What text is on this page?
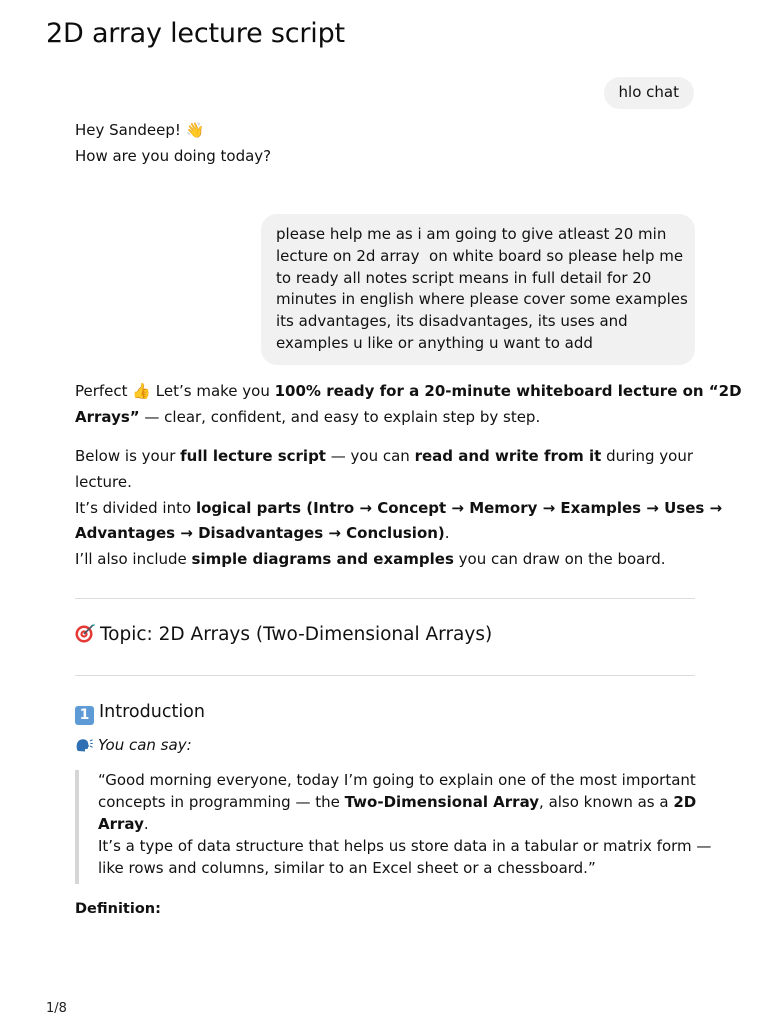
2D array lecture script
hlo chat
Hey Sandeep! 👋
How are you doing today?
please help me as i am going to give atleast 20 min
lecture on 2d array  on white board so please help me
to ready all notes script means in full detail for 20
minutes in english where please cover some examples
its advantages, its disadvantages, its uses and
examples u like or anything u want to add
Perfect 👍 Let’s make you 100% ready for a 20-minute whiteboard lecture on “2D
Arrays” — clear, confident, and easy to explain step by step.
Below is your full lecture script — you can read and write from it during your
lecture.
It’s divided into logical parts (Intro → Concept → Memory → Examples → Uses →
Advantages → Disadvantages → Conclusion).
I’ll also include simple diagrams and examples you can draw on the board.
Topic: 2D Arrays (Two-Dimensional Arrays)
1 Introduction
You can say:
“Good morning everyone, today I’m going to explain one of the most important
concepts in programming — the Two-Dimensional Array, also known as a 2D
Array.
It’s a type of data structure that helps us store data in a tabular or matrix form —
like rows and columns, similar to an Excel sheet or a chessboard.”
Definition:
1/8
